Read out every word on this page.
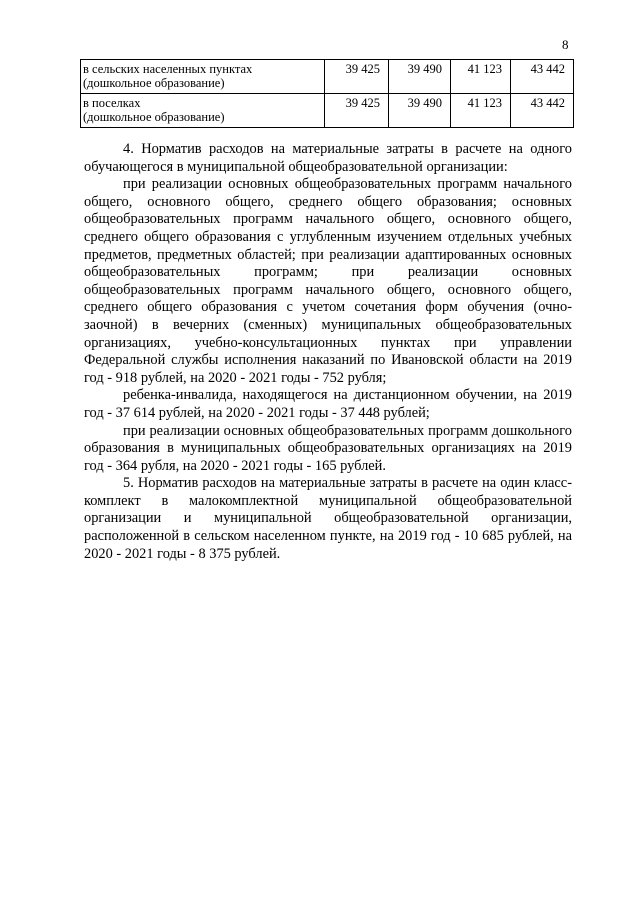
8
в сельских населенных пунктах
(дошкольное образование)	39 425	39 490	41 123	43 442
в поселках
(дошкольное образование)	39 425	39 490	41 123	43 442

4. Норматив расходов на материальные затраты в расчете на одного обучающегося в муниципальной общеобразовательной организации:

при реализации основных общеобразовательных программ начального общего, основного общего, среднего общего образования; основных общеобразовательных программ начального общего, основного общего, среднего общего образования с углубленным изучением отдельных учебных предметов, предметных областей; при реализации адаптированных основных общеобразовательных программ; при реализации основных общеобразовательных программ начального общего, основного общего, среднего общего образования с учетом сочетания форм обучения (очно-заочной) в вечерних (сменных) муниципальных общеобразовательных организациях, учебно-консультационных пунктах при управлении Федеральной службы исполнения наказаний по Ивановской области на 2019 год - 918 рублей, на 2020 - 2021 годы - 752 рубля;

ребенка-инвалида, находящегося на дистанционном обучении, на 2019 год - 37 614 рублей, на 2020 - 2021 годы - 37 448 рублей;

при реализации основных общеобразовательных программ дошкольного образования в муниципальных общеобразовательных организациях на 2019 год - 364 рубля, на 2020 - 2021 годы - 165 рублей.

5. Норматив расходов на материальные затраты в расчете на один класс-комплект в малокомплектной муниципальной общеобразовательной организации и муниципальной общеобразовательной организации, расположенной в сельском населенном пункте, на 2019 год - 10 685 рублей, на 2020 - 2021 годы - 8 375 рублей.
